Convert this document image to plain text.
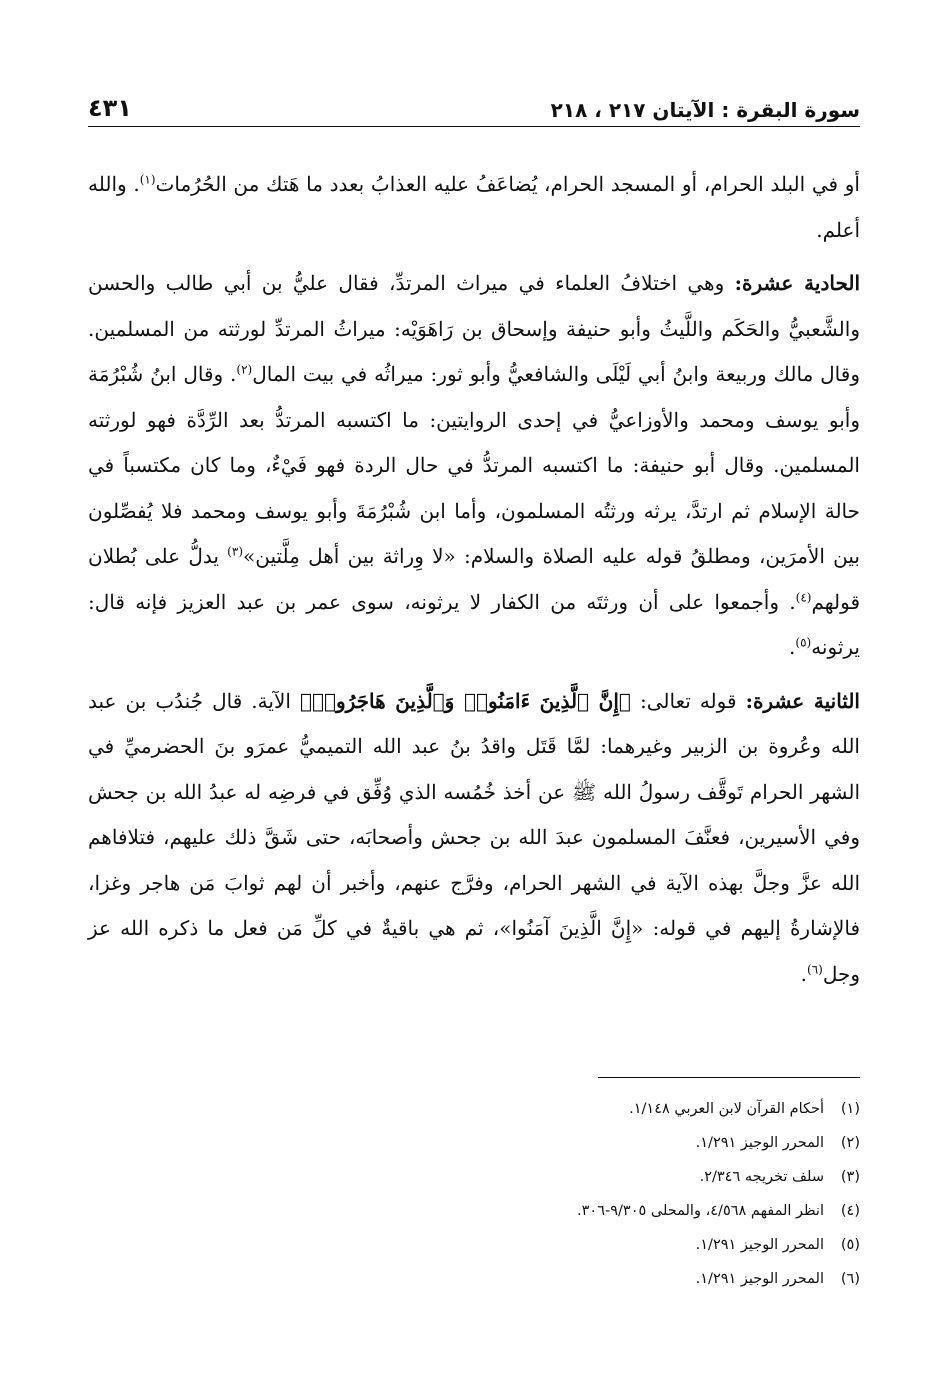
سورة البقرة : الآيتان ٢١٧ ، ٢١٨
٤٣١

أو في البلد الحرام، أو المسجد الحرام، يُضاعَفُ عليه العذابُ بعدد ما هَتك من الحُرُمات$^{(١)}$. والله أعلم.

الحادية عشرة: وهي اختلافُ العلماء في ميراث المرتدِّ، فقال عليُّ بن أبي طالب والحسن والشَّعبيُّ والحَكَم واللَّيثُ وأبو حنيفة وإسحاق بن رَاهَوَيْه: ميراثُ المرتدِّ لورثته من المسلمين. وقال مالك وربيعة وابنُ أبي لَيْلَى والشافعيُّ وأبو ثور: ميراثُه في بيت المال$^{(٢)}$. وقال ابنُ شُبْرُمَة وأبو يوسف ومحمد والأوزاعيُّ في إحدى الروايتين: ما اكتسبه المرتدُّ بعد الرِّدَّة فهو لورثته المسلمين. وقال أبو حنيفة: ما اكتسبه المرتدُّ في حال الردة فهو فَيْءٌ، وما كان مكتسباً في حالة الإسلام ثم ارتدَّ، يرثه ورثتُه المسلمون، وأما ابن شُبْرُمَةَ وأبو يوسف ومحمد فلا يُفصِّلون بين الأمرَين، ومطلقُ قوله عليه الصلاة والسلام: «لا وِراثة بين أهل مِلَّتين»$^{(٣)}$ يدلُّ على بُطلان قولهم$^{(٤)}$. وأجمعوا على أن ورثتَه من الكفار لا يرثونه، سوى عمر بن عبد العزيز فإنه قال: يرثونه$^{(٥)}$.

الثانية عشرة: قوله تعالى: ﴿إِنَّ ٱلَّذِينَ ءَامَنُوا۟ وَٱلَّذِينَ هَاجَرُوا۟﴾ الآية. قال جُندُب بن عبد الله وعُروة بن الزبير وغيرهما: لمَّا قَتَل واقدُ بنُ عبد الله التميميُّ عمرَو بنَ الحضرميِّ في الشهر الحرام تَوقَّف رسولُ الله ﷺ عن أخذ خُمُسه الذي وُفِّق في فرضِه له عبدُ الله بن جحش وفي الأسيرين، فعنَّفَ المسلمون عبدَ الله بن جحش وأصحابَه، حتى شَقَّ ذلك عليهم، فتلافاهم الله عزَّ وجلَّ بهذه الآية في الشهر الحرام، وفرَّج عنهم، وأخبر أن لهم ثوابَ مَن هاجر وغزا، فالإشارةُ إليهم في قوله: «إِنَّ الَّذِينَ آمَنُوا»، ثم هي باقيةٌ في كلِّ مَن فعل ما ذكره الله عز وجل$^{(٦)}$.

(١)
أحكام القرآن لابن العربي ١/١٤٨.
(٢)
المحرر الوجيز ١/٢٩١.
(٣)
سلف تخريجه ٢/٣٤٦.
(٤)
انظر المفهم ٤/٥٦٨، والمحلى ٩/٣٠٥-٣٠٦.
(٥)
المحرر الوجيز ١/٢٩١.
(٦)
المحرر الوجيز ١/٢٩١.
